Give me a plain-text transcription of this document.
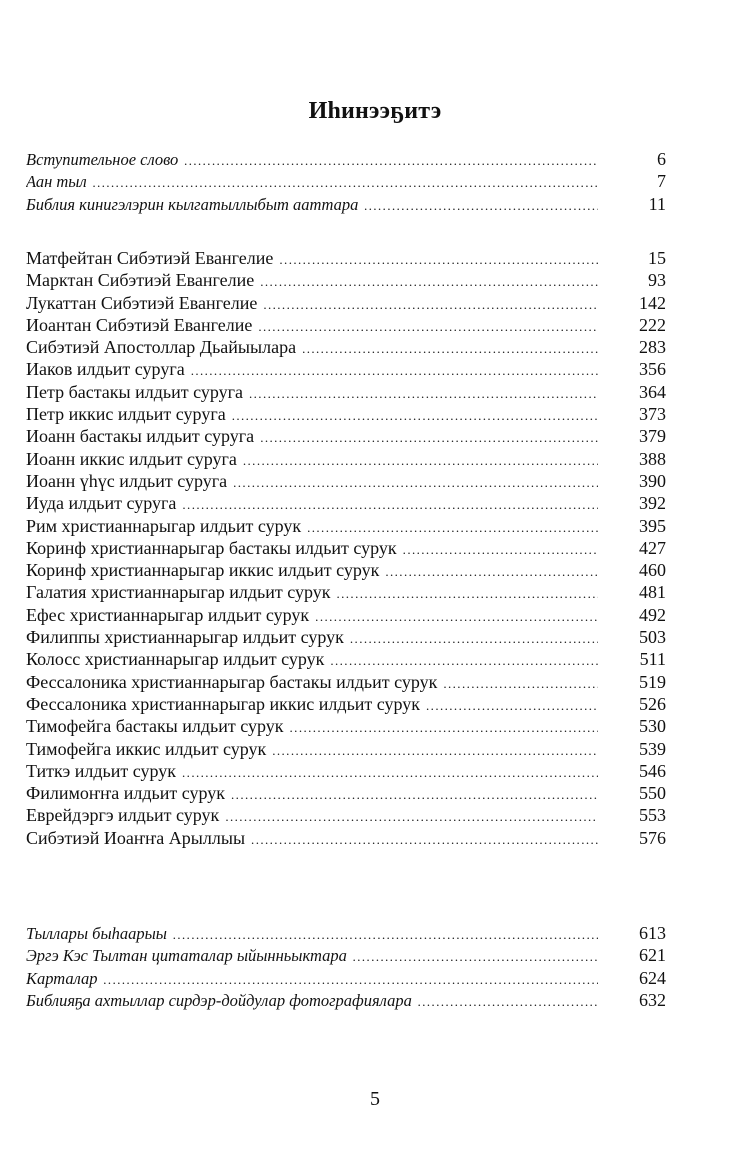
Иһинээҕитэ
Вступительное слово .....	6
Аан тыл .....	7
Библия кинигэлэрин кылгатыллыбыт ааттара .....	11
Матфейтан Сибэтиэй Евангелие .....	15
Марктан Сибэтиэй Евангелие .....	93
Лукаттан Сибэтиэй Евангелие .....	142
Иоантан Сибэтиэй Евангелие .....	222
Сибэтиэй Апостоллар Дьайыылара .....	283
Иаков илдьит суруга .....	356
Петр бастакы илдьит суруга .....	364
Петр иккис илдьит суруга .....	373
Иоанн бастакы илдьит суруга .....	379
Иоанн иккис илдьит суруга .....	388
Иоанн үһүс илдьит суруга .....	390
Иуда илдьит суруга .....	392
Рим христианнарыгар илдьит сурук .....	395
Коринф христианнарыгар бастакы илдьит сурук .....	427
Коринф христианнарыгар иккис илдьит сурук .....	460
Галатия христианнарыгар илдьит сурук .....	481
Ефес христианнарыгар илдьит сурук .....	492
Филиппы христианнарыгар илдьит сурук .....	503
Колосс христианнарыгар илдьит сурук .....	511
Фессалоника христианнарыгар бастакы илдьит сурук .....	519
Фессалоника христианнарыгар иккис илдьит сурук .....	526
Тимофейга бастакы илдьит сурук .....	530
Тимофейга иккис илдьит сурук .....	539
Титкэ илдьит сурук .....	546
Филимоҥҥа илдьит сурук .....	550
Еврейдэргэ илдьит сурук .....	553
Сибэтиэй Иоаҥҥа Арыллыы .....	576
Тыллары быһаарыы .....	613
Эргэ Кэс Тылтан цитаталар ыйынньыктара .....	621
Карталар .....	624
Библияҕа ахтыллар сирдэр-дойдулар фотографиялара .....	632
5
